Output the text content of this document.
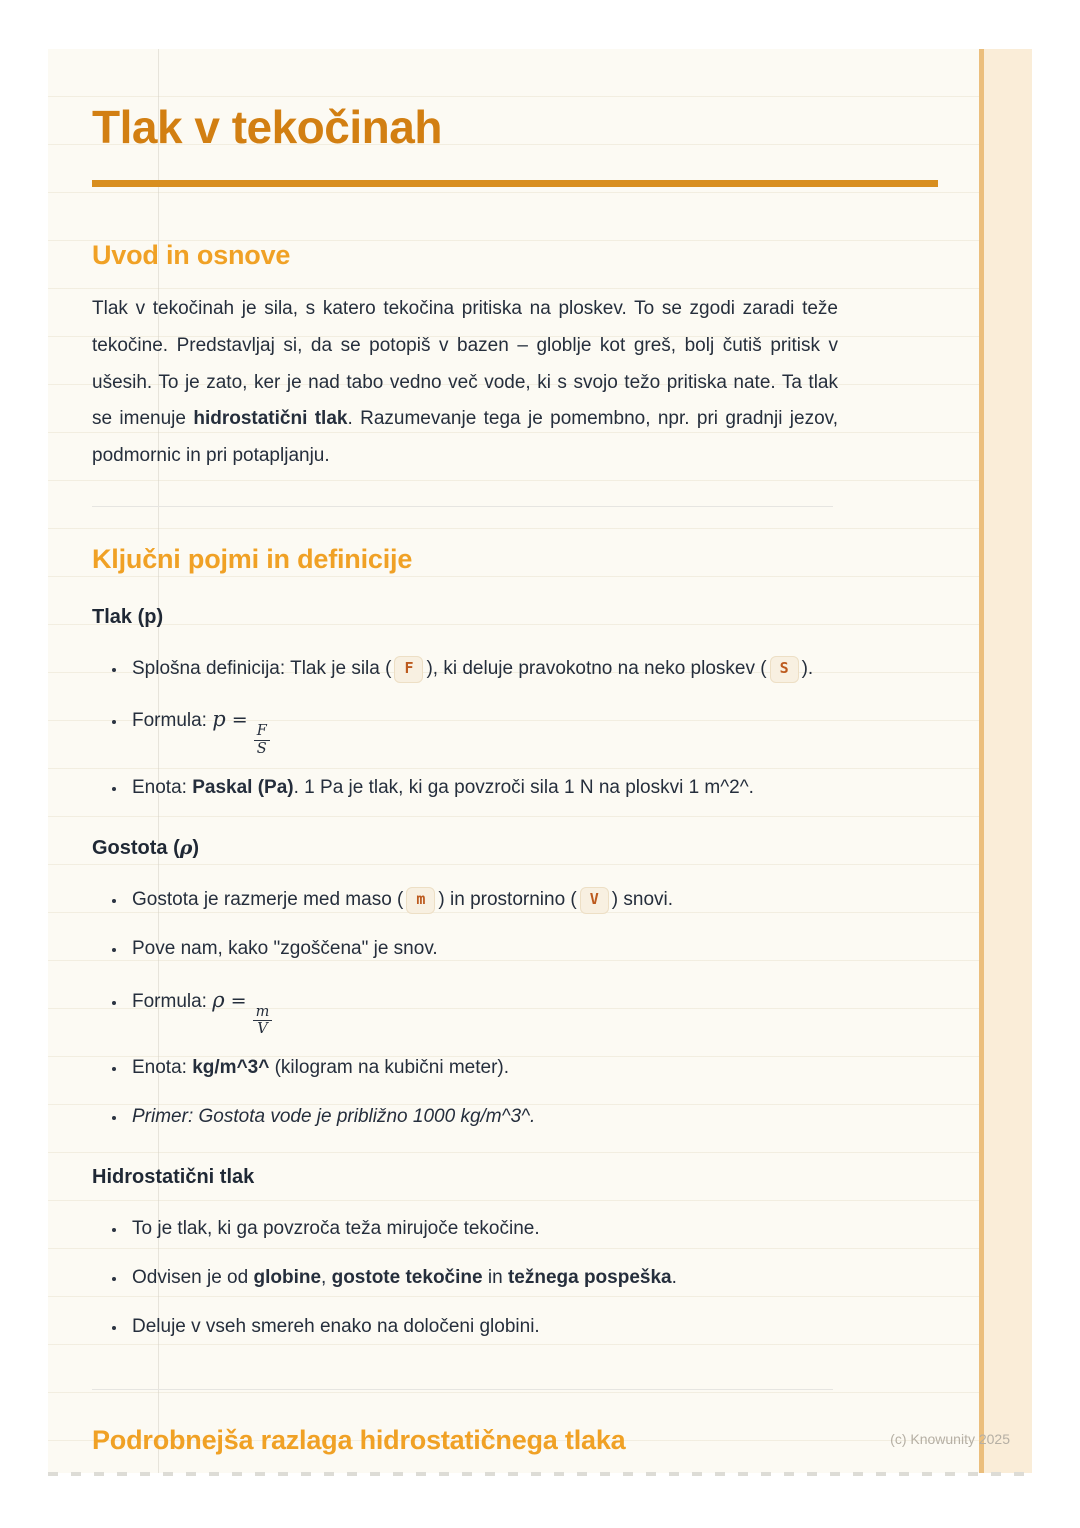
Tlak v tekočinah
Uvod in osnove

Tlak v tekočinah je sila, s katero tekočina pritiska na ploskev. To se zgodi zaradi teže tekočine. Predstavljaj si, da se potopiš v bazen – globlje kot greš, bolj čutiš pritisk v ušesih. To je zato, ker je nad tabo vedno več vode, ki s svojo težo pritiska nate. Ta tlak se imenuje hidrostatični tlak. Razumevanje tega je pomembno, npr. pri gradnji jezov, podmornic in pri potapljanju.

Ključni pojmi in definicije
Tlak (p)
• Splošna definicija: Tlak je sila ( F ), ki deluje pravokotno na neko ploskev ( S ).
• Formula: p =
$\frac{F}{S}$
• Enota: Paskal (Pa). 1 Pa je tlak, ki ga povzroči sila 1 N na ploskvi 1 m^2^.
Gostota (ρ)
• Gostota je razmerje med maso ( m ) in prostornino ( V ) snovi.
• Pove nam, kako "zgoščena" je snov.
• Formula: ρ =
$\frac{m}{V}$
• Enota: kg/m^3^ (kilogram na kubični meter).
• Primer: Gostota vode je približno 1000 kg/m^3^.
Hidrostatični tlak
• To je tlak, ki ga povzroča teža mirujoče tekočine.
• Odvisen je od globine, gostote tekočine in težnega pospeška.
• Deluje v vseh smereh enako na določeni globini.
Podrobnejša razlaga hidrostatičnega tlaka	(c) Knowunity 2025
